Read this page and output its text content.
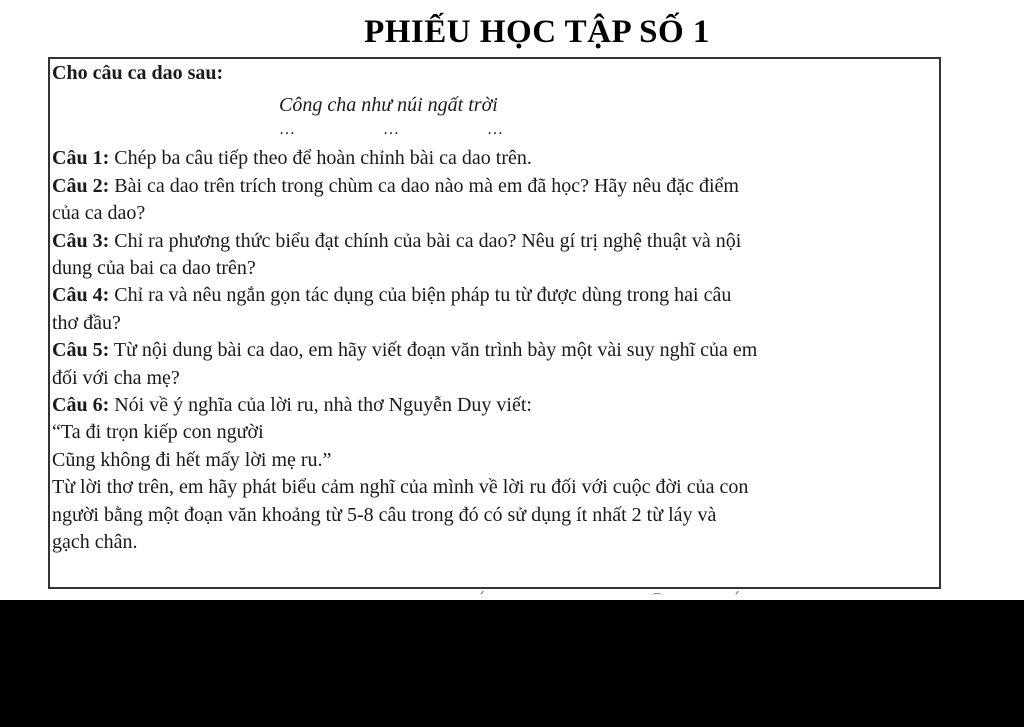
PHIẾU HỌC TẬP SỐ 1
Cho câu ca dao sau:
Công cha như núi ngất trời
…	…	…
Câu 1: Chép ba câu tiếp theo để hoàn chỉnh bài ca dao trên.
Câu 2: Bài ca dao trên trích trong chùm ca dao nào mà em đã học? Hãy nêu đặc điểm
của ca dao?
Câu 3: Chỉ ra phương thức biểu đạt chính của bài ca dao? Nêu gí trị nghệ thuật và nội
dung của bai ca dao trên?
Câu 4: Chỉ ra và nêu ngắn gọn tác dụng của biện pháp tu từ được dùng trong hai câu
thơ đầu?
Câu 5: Từ nội dung bài ca dao, em hãy viết đoạn văn trình bày một vài suy nghĩ của em
đối với cha mẹ?
Câu 6: Nói về ý nghĩa của lời ru, nhà thơ Nguyễn Duy viết:
“Ta đi trọn kiếp con người
Cũng không đi hết mấy lời mẹ ru.”
Từ lời thơ trên, em hãy phát biểu cảm nghĩ của mình về lời ru đối với cuộc đời của con
người bằng một đoạn văn khoảng từ 5-8 câu trong đó có sử dụng ít nhất 2 từ láy và
gạch chân.
ᐟ	⌒	ᐟ
